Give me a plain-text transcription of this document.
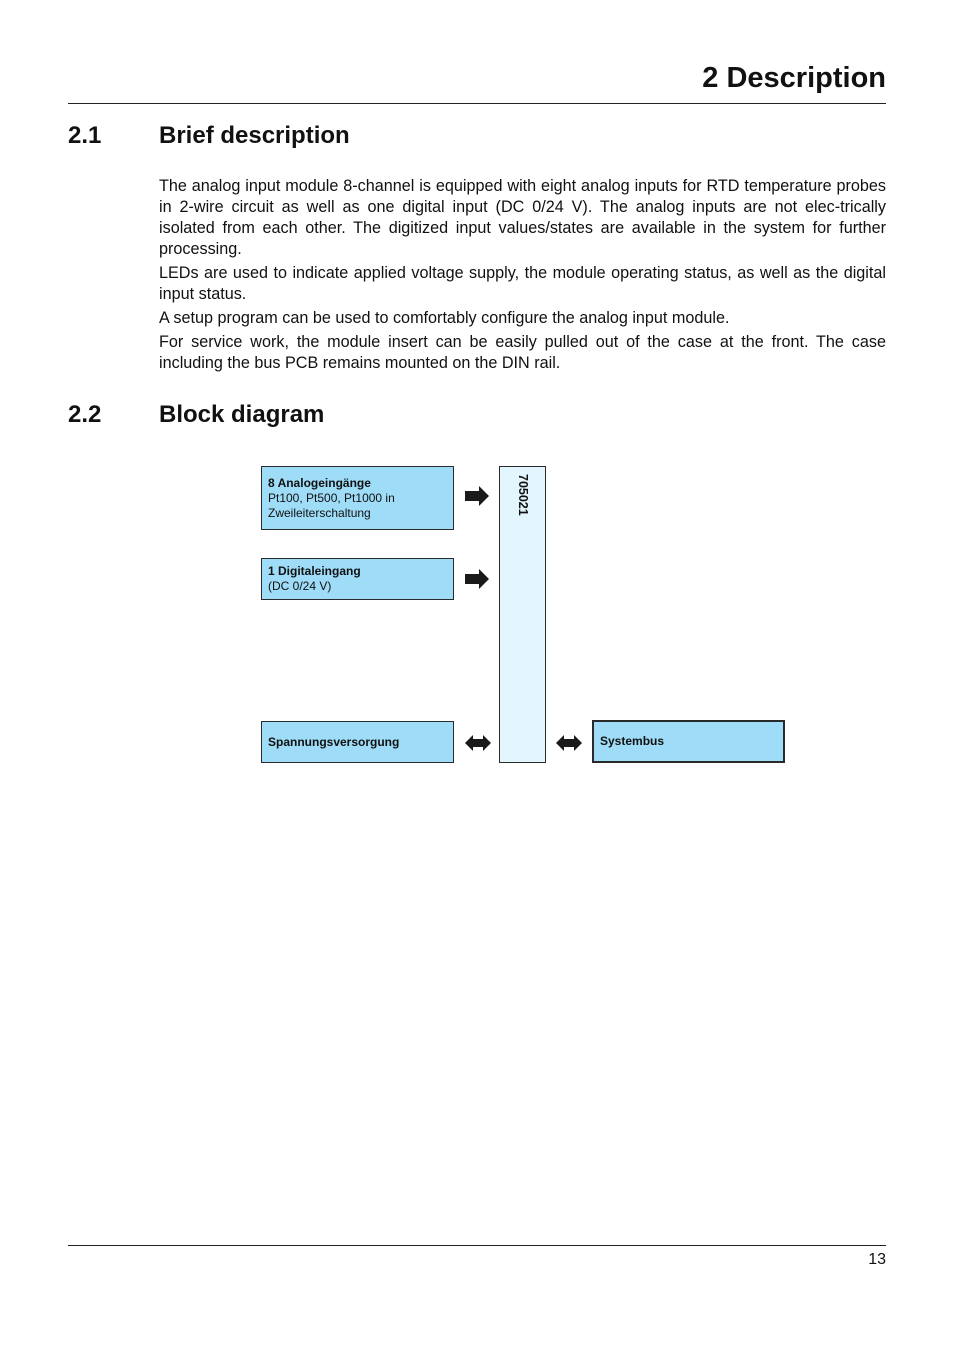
2 Description
2.1 Brief description

The analog input module 8-channel is equipped with eight analog inputs for RTD temperature probes in 2-wire circuit as well as one digital input (DC 0/24 V). The analog inputs are not elec-trically isolated from each other. The digitized input values/states are available in the system for further processing.

LEDs are used to indicate applied voltage supply, the module operating status, as well as the digital input status.

A setup program can be used to comfortably configure the analog input module.

For service work, the module insert can be easily pulled out of the case at the front. The case including the bus PCB remains mounted on the DIN rail.

2.2 Block diagram
8 Analogeingänge
Pt100, Pt500, Pt1000 in
Zweileiterschaltung
1 Digitaleingang
(DC 0/24 V)
Spannungsversorgung
705021
Systembus
13
